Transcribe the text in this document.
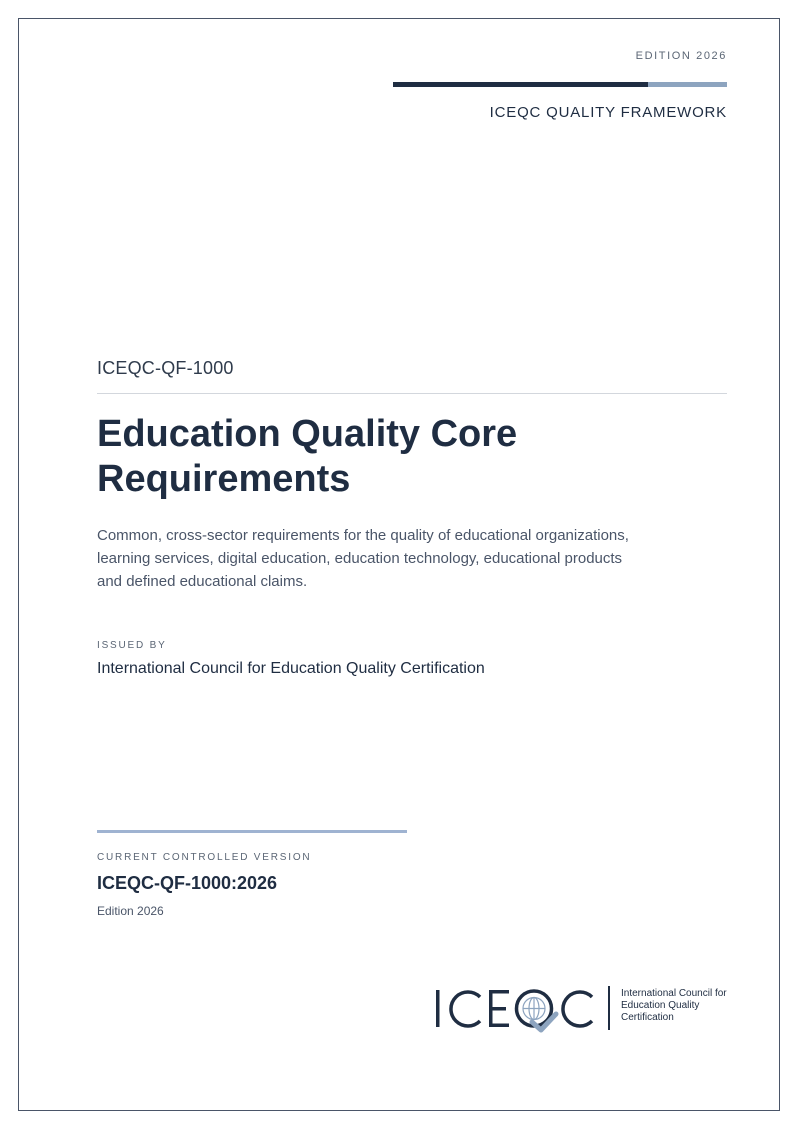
EDITION 2026
ICEQC QUALITY FRAMEWORK
ICEQC-QF-1000
Education Quality Core
Requirements
Common, cross-sector requirements for the quality of educational organizations,
learning services, digital education, education technology, educational products
and defined educational claims.
ISSUED BY
International Council for Education Quality Certification
CURRENT CONTROLLED VERSION
ICEQC-QF-1000:2026
Edition 2026
International Council for
Education Quality
Certification
